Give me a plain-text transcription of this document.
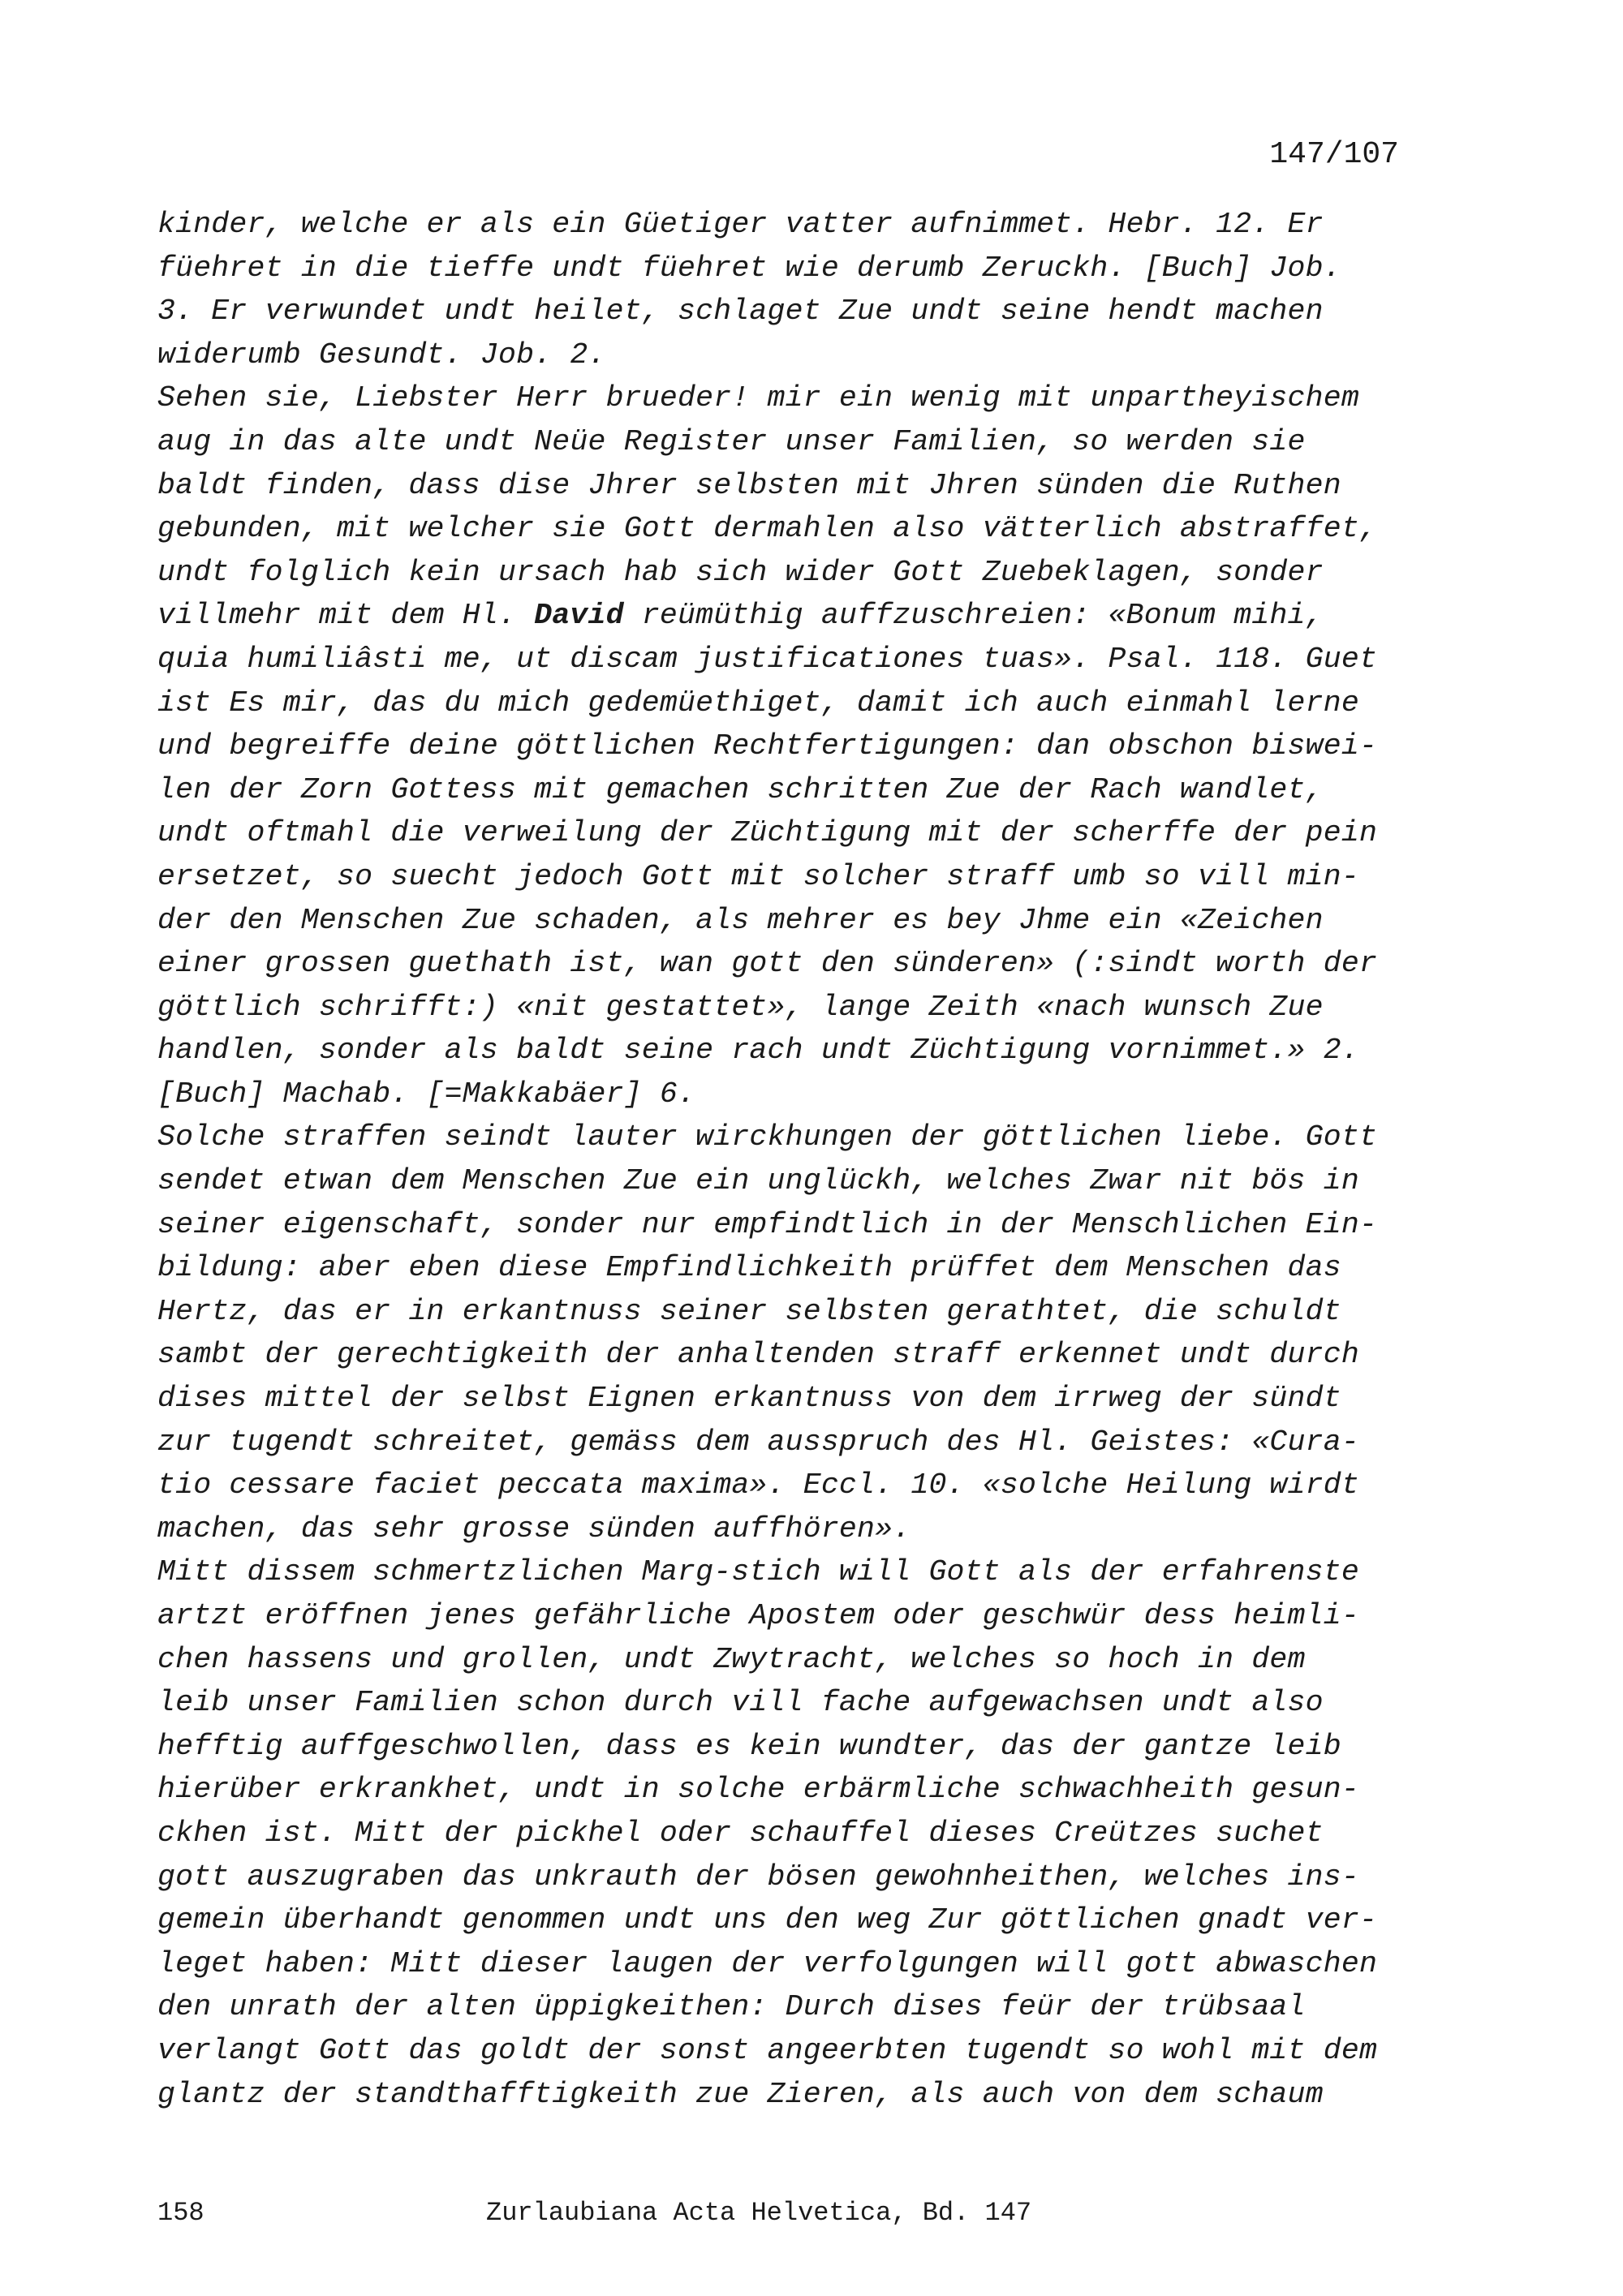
147/107
kinder, welche er als ein Güetiger vatter aufnimmet. Hebr. 12. Er
füehret in die tieffe undt füehret wie derumb Zeruckh. [Buch] Job.
3. Er verwundet undt heilet, schlaget Zue undt seine hendt machen
widerumb Gesundt. Job. 2.
Sehen sie, Liebster Herr brueder! mir ein wenig mit unpartheyischem
aug in das alte undt Neüe Register unser Familien, so werden sie
baldt finden, dass dise Jhrer selbsten mit Jhren sünden die Ruthen
gebunden, mit welcher sie Gott dermahlen also vätterlich abstraffet,
undt folglich kein ursach hab sich wider Gott Zuebeklagen, sonder
villmehr mit dem Hl. David reümüthig auffzuschreien: «Bonum mihi,
quia humiliâsti me, ut discam justificationes tuas». Psal. 118. Guet
ist Es mir, das du mich gedemüethiget, damit ich auch einmahl lerne
und begreiffe deine göttlichen Rechtfertigungen: dan obschon biswei-
len der Zorn Gottess mit gemachen schritten Zue der Rach wandlet,
undt oftmahl die verweilung der Züchtigung mit der scherffe der pein
ersetzet, so suecht jedoch Gott mit solcher straff umb so vill min-
der den Menschen Zue schaden, als mehrer es bey Jhme ein «Zeichen
einer grossen guethath ist, wan gott den sünderen» (:sindt worth der
göttlich schrifft:) «nit gestattet», lange Zeith «nach wunsch Zue
handlen, sonder als baldt seine rach undt Züchtigung vornimmet.» 2.
[Buch] Machab. [=Makkabäer] 6.
Solche straffen seindt lauter wirckhungen der göttlichen liebe. Gott
sendet etwan dem Menschen Zue ein unglückh, welches Zwar nit bös in
seiner eigenschaft, sonder nur empfindtlich in der Menschlichen Ein-
bildung: aber eben diese Empfindlichkeith prüffet dem Menschen das
Hertz, das er in erkantnuss seiner selbsten gerathtet, die schuldt
sambt der gerechtigkeith der anhaltenden straff erkennet undt durch
dises mittel der selbst Eignen erkantnuss von dem irrweg der sündt
zur tugendt schreitet, gemäss dem ausspruch des Hl. Geistes: «Cura-
tio cessare faciet peccata maxima». Eccl. 10. «solche Heilung wirdt
machen, das sehr grosse sünden auffhören».
Mitt dissem schmertzlichen Marg-stich will Gott als der erfahrenste
artzt eröffnen jenes gefährliche Apostem oder geschwür dess heimli-
chen hassens und grollen, undt Zwytracht, welches so hoch in dem
leib unser Familien schon durch vill fache aufgewachsen undt also
hefftig auffgeschwollen, dass es kein wundter, das der gantze leib
hierüber erkrankhet, undt in solche erbärmliche schwachheith gesun-
ckhen ist. Mitt der pickhel oder schauffel dieses Creützes suchet
gott auszugraben das unkrauth der bösen gewohnheithen, welches ins-
gemein überhandt genommen undt uns den weg Zur göttlichen gnadt ver-
leget haben: Mitt dieser laugen der verfolgungen will gott abwaschen
den unrath der alten üppigkeithen: Durch dises feür der trübsaal
verlangt Gott das goldt der sonst angeerbten tugendt so wohl mit dem
glantz der standthafftigkeith zue Zieren, als auch von dem schaum
158	Zurlaubiana Acta Helvetica, Bd. 147
